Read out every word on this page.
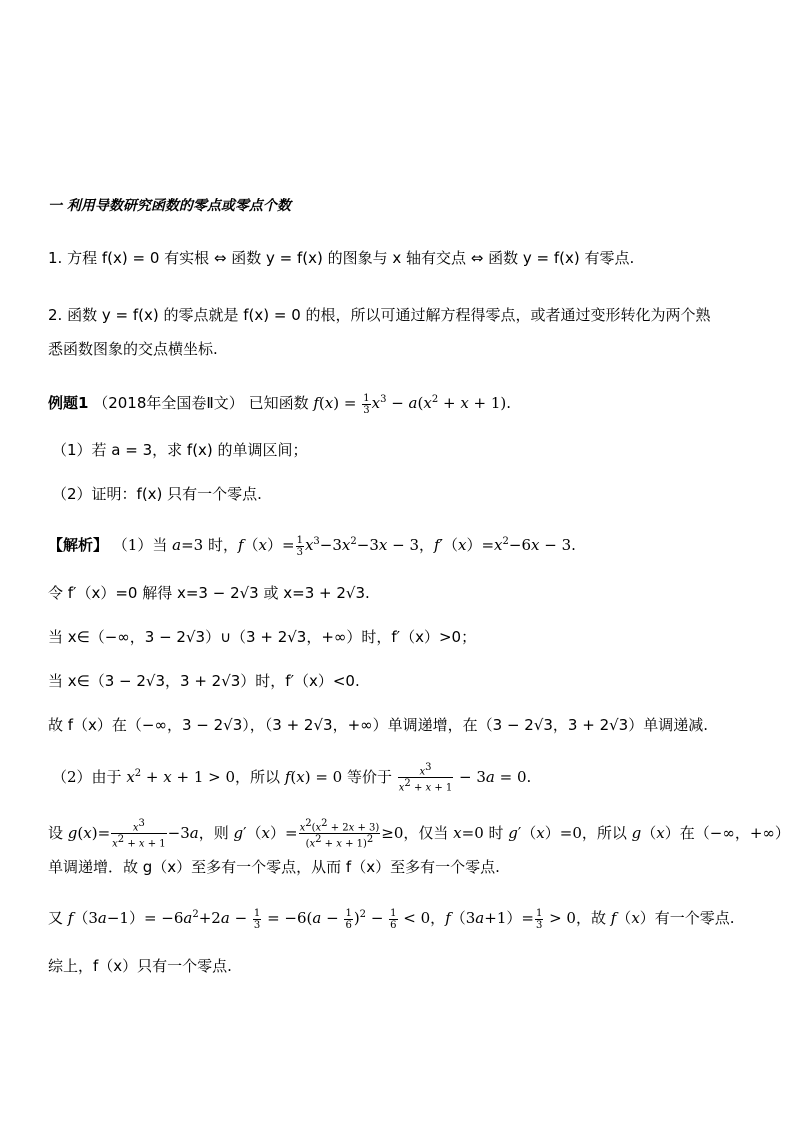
一 利用导数研究函数的零点或零点个数
1. 方程 f(x) = 0 有实根 ⇔ 函数 y = f(x) 的图象与 x 轴有交点 ⇔ 函数 y = f(x) 有零点.
2. 函数 y = f(x) 的零点就是 f(x) = 0 的根，所以可通过解方程得零点，或者通过变形转化为两个熟
悉函数图象的交点横坐标.
例题1 （2018年全国卷Ⅱ文） 已知函数 $f(x) = \frac{1}{3} x^3 - a(x^2 + x + 1)$.
（1）若 a = 3，求 f(x) 的单调区间；
（2）证明：f(x) 只有一个零点.
【解析】 （1）当 a=3 时，$f(x)= \frac{1}{3} x^3-3x^2-3x - 3$，$f'(x)=x^2-6x - 3$.
令 f′（x）=0 解得 x=3 − 2√3 或 x=3 + 2√3.
当 x∈（−∞，3 − 2√3）∪（3 + 2√3，+∞）时，f′（x）>0；
当 x∈（3 − 2√3，3 + 2√3）时，f′（x）<0.
故 f（x）在（−∞，3 − 2√3），（3 + 2√3，+∞）单调递增，在（3 − 2√3，3 + 2√3）单调递减.
（2）由于 $x^2 + x + 1 > 0$，所以 f(x) = 0 等价于 $\frac{x^3}{x^2 + x + 1} - 3a = 0$.
设 $g(x)= \frac{x^3}{x^2 + x + 1} -3a$，则 $g'(x)= \frac{x^2(x^2 + 2x + 3)}{(x^2 + x + 1)^2} \ge 0$，仅当 x=0 时 g′（x）=0，所以 g（x）在（−∞，+∞）
单调递增．故 g（x）至多有一个零点，从而 f（x）至多有一个零点.
又 $f(3a-1)= -6a^2+2a - \frac{1}{3} = -6(a - \frac{1}{6} )^2 - \frac{1}{6} < 0$，$f(3a+1)= \frac{1}{3} > 0$，故 f（x）有一个零点.
综上，f（x）只有一个零点.
